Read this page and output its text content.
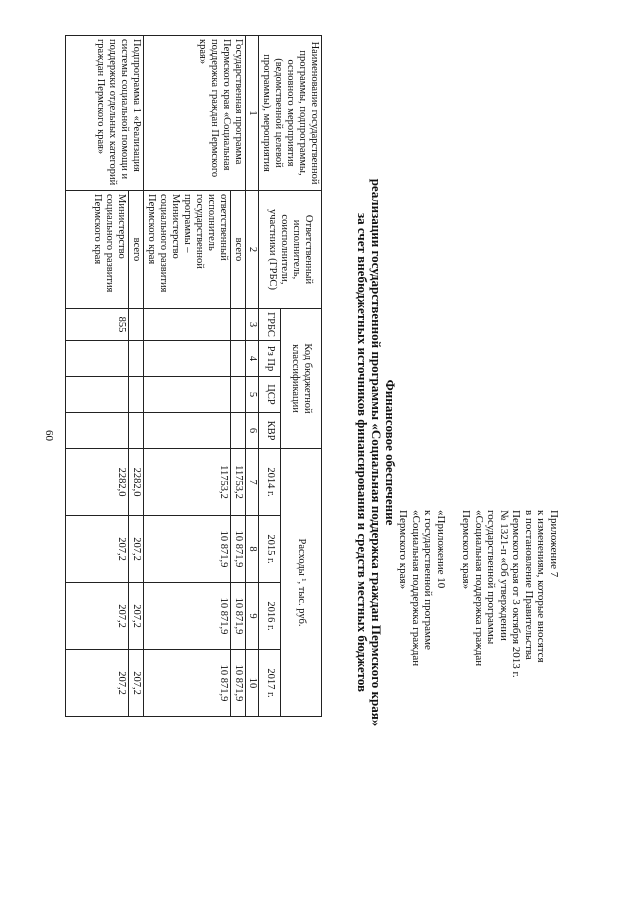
60

Приложение 7

к изменениям, которые вносятся

в постановление Правительства

Пермского края от 3 октября 2013 г.

№ 1321-п «Об утверждении

государственной программы

«Социальная поддержка граждан

Пермского края»

«Приложение 10

к государственной программе

«Социальная поддержка граждан

Пермского края»

Финансовое обеспечение
реализации государственной программы «Социальная поддержка граждан Пермского края»
за счет внебюджетных источников финансирования и средств местных бюджетов
Наименование государственной программы, подпрограммы, основного мероприятия (ведомственной целевой программы), мероприятия	Ответственный исполнитель, соисполнители, участники (ГРБС)	Код бюджетной классификации				Расходы ¹, тыс. руб.			
		ГРБС	Рз Пр	ЦСР	КВР	2014 г.	2015 г.	2016 г.	2017 г.
1	2	3	4	5	6	7	8	9	10
Государственная программа Пермского края «Социальная поддержка граждан Пермского края»	всего					11753,2	10 871,9	10 871,9	10 871,9
	ответственный исполнитель государственной программы – Министерство социального развития Пермского края					11753,2	10 871,9	10 871,9	10 871,9
Подпрограмма 1 «Реализация системы социальной помощи и поддержки отдельных категорий граждан Пермского края»	всего					2282,0	207,2	207,2	207,2
	Министерство социального развития Пермского края	855				2282,0	207,2	207,2	207,2
